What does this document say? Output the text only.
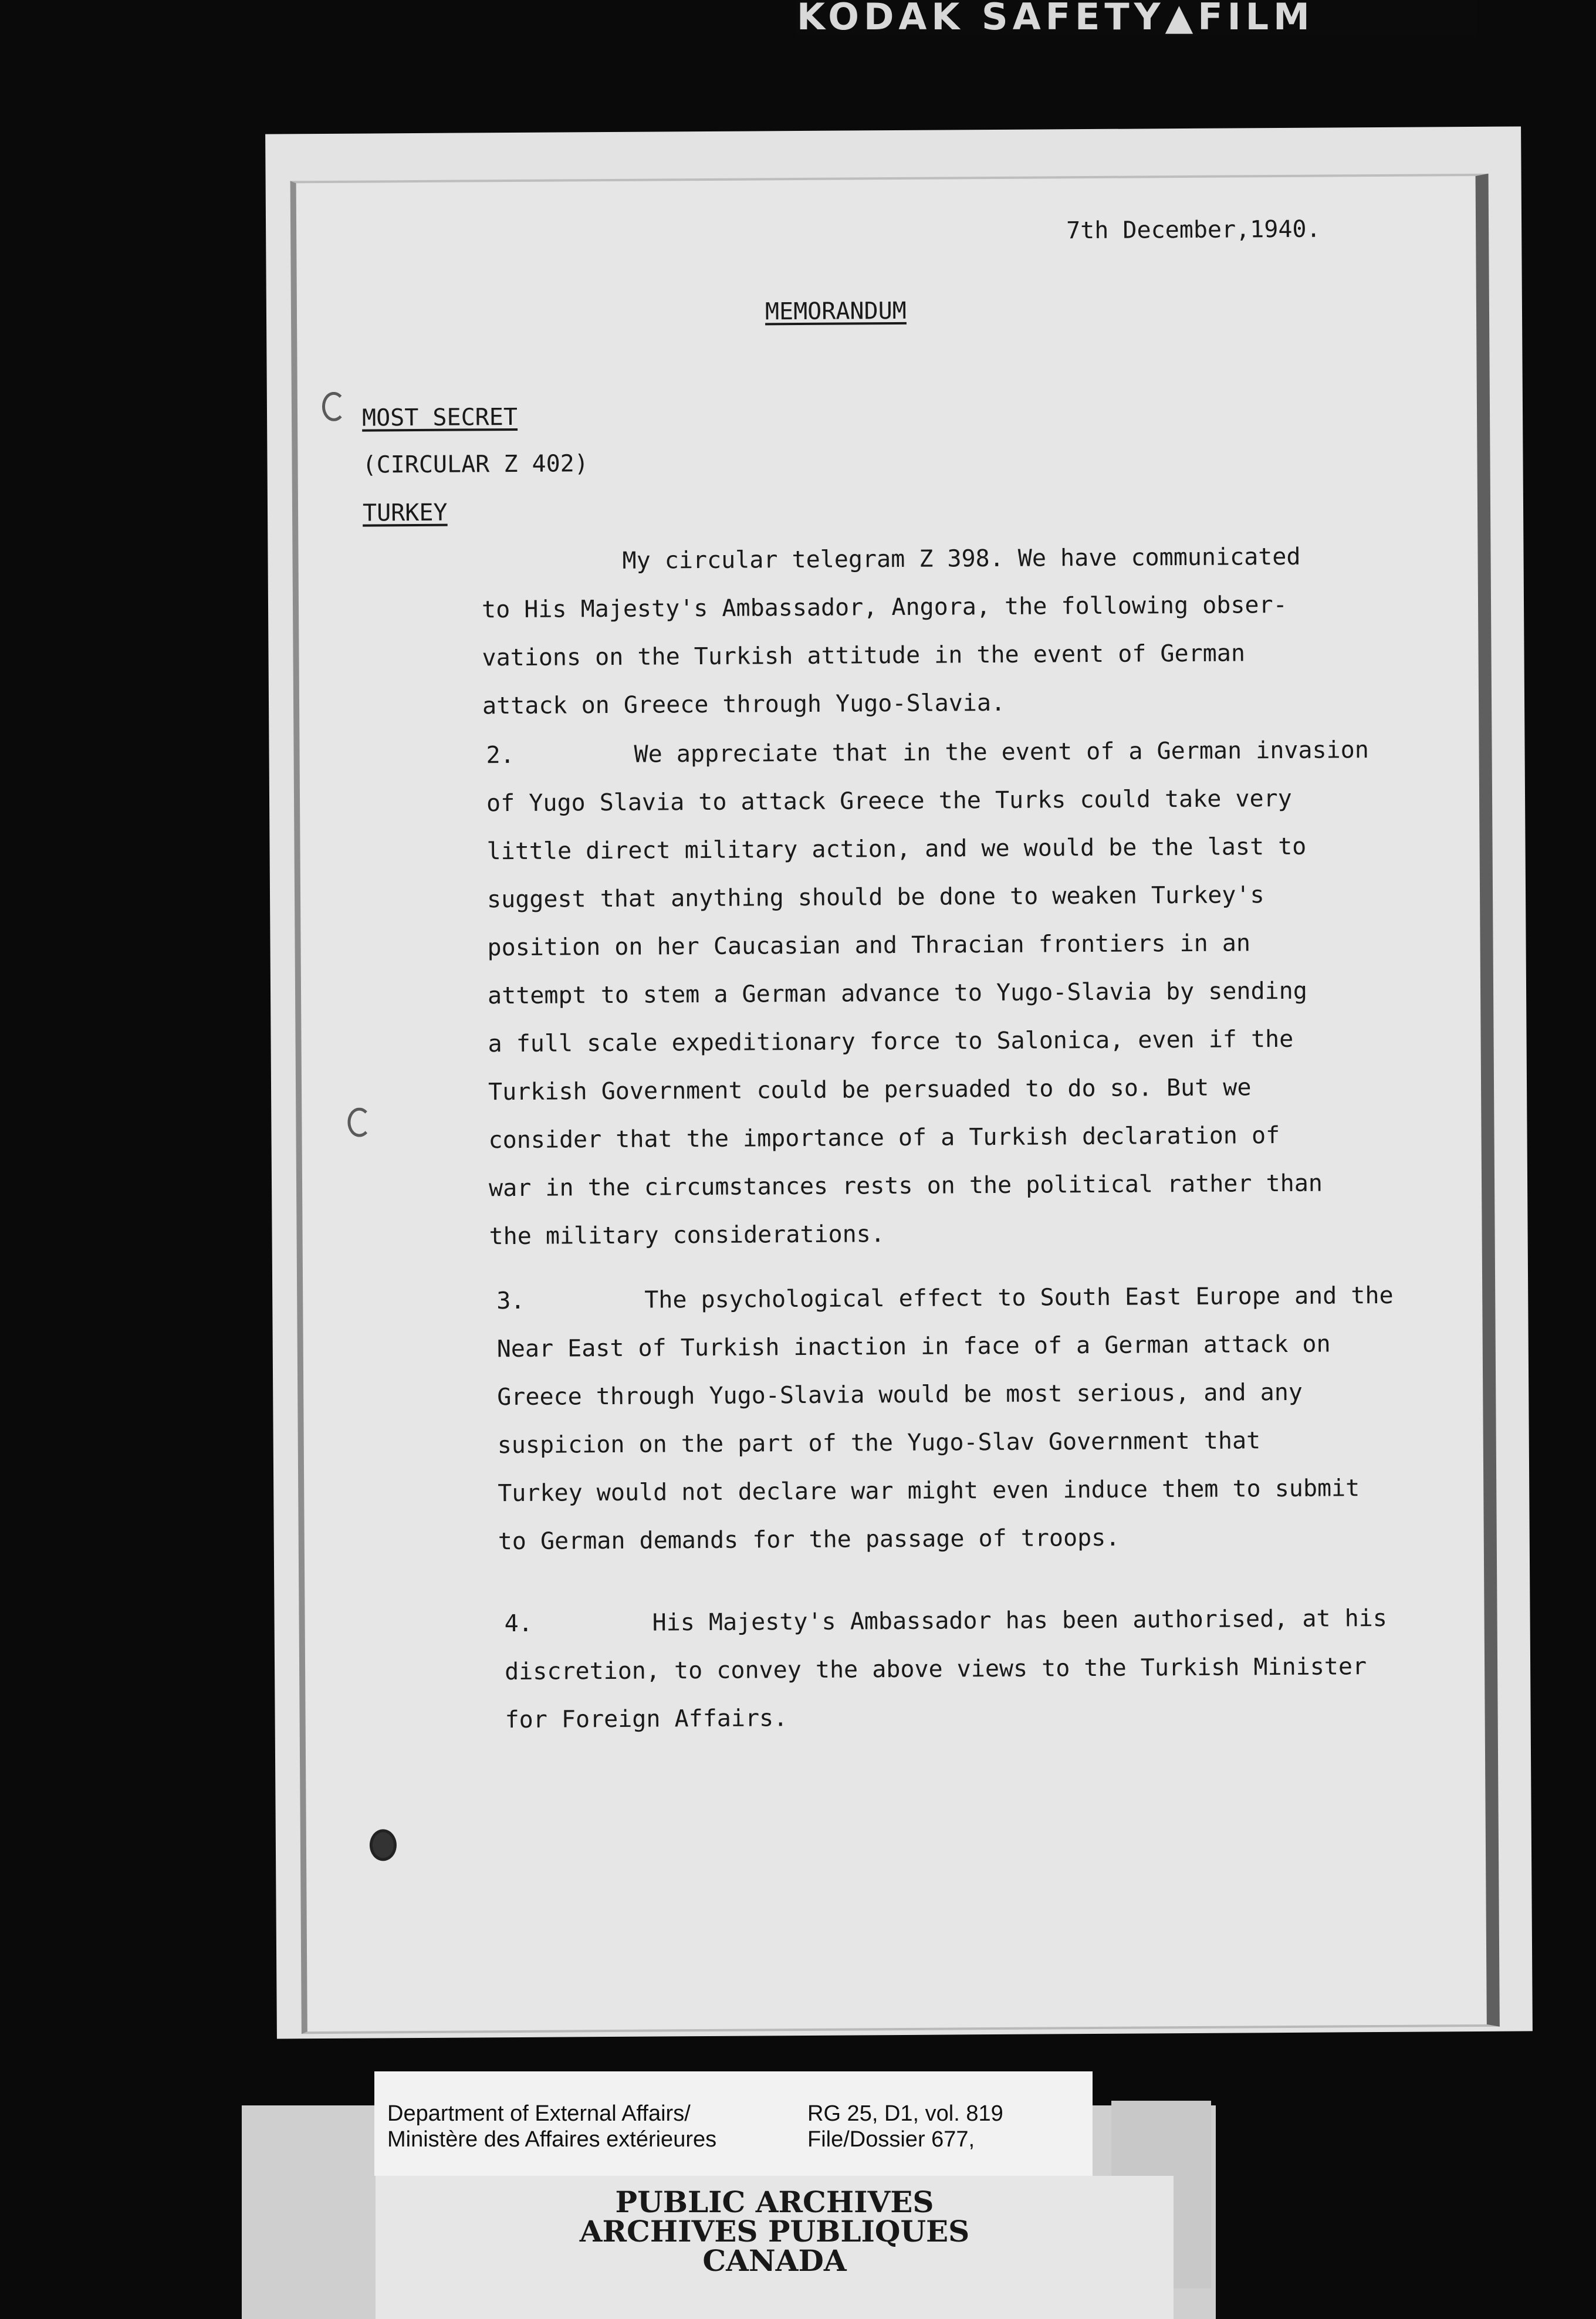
KODAK SAFETY▲FILM
7th December,1940.
MEMORANDUM
MOST SECRET
(CIRCULAR Z 402)
TURKEY
My circular telegram Z 398. We have communicated
to His Majesty's Ambassador, Angora, the following obser-
vations on the Turkish attitude in the event of German
attack on Greece through Yugo-Slavia.
2.	We appreciate that in the event of a German invasion
of Yugo Slavia to attack Greece the Turks could take very
little direct military action, and we would be the last to
suggest that anything should be done to weaken Turkey's
position on her Caucasian and Thracian frontiers in an
attempt to stem a German advance to Yugo-Slavia by sending
a full scale expeditionary force to Salonica, even if the
Turkish Government could be persuaded to do so. But we
consider that the importance of a Turkish declaration of
war in the circumstances rests on the political rather than
the military considerations.
3.	The psychological effect to South East Europe and the
Near East of Turkish inaction in face of a German attack on
Greece through Yugo-Slavia would be most serious, and any
suspicion on the part of the Yugo-Slav Government that
Turkey would not declare war might even induce them to submit
to German demands for the passage of troops.
4.	His Majesty's Ambassador has been authorised, at his
discretion, to convey the above views to the Turkish Minister
for Foreign Affairs.
Department of External Affairs/
Ministère des Affaires extérieures
RG 25, D1, vol. 819
File/Dossier 677,
PUBLIC ARCHIVES
ARCHIVES PUBLIQUES
CANADA
